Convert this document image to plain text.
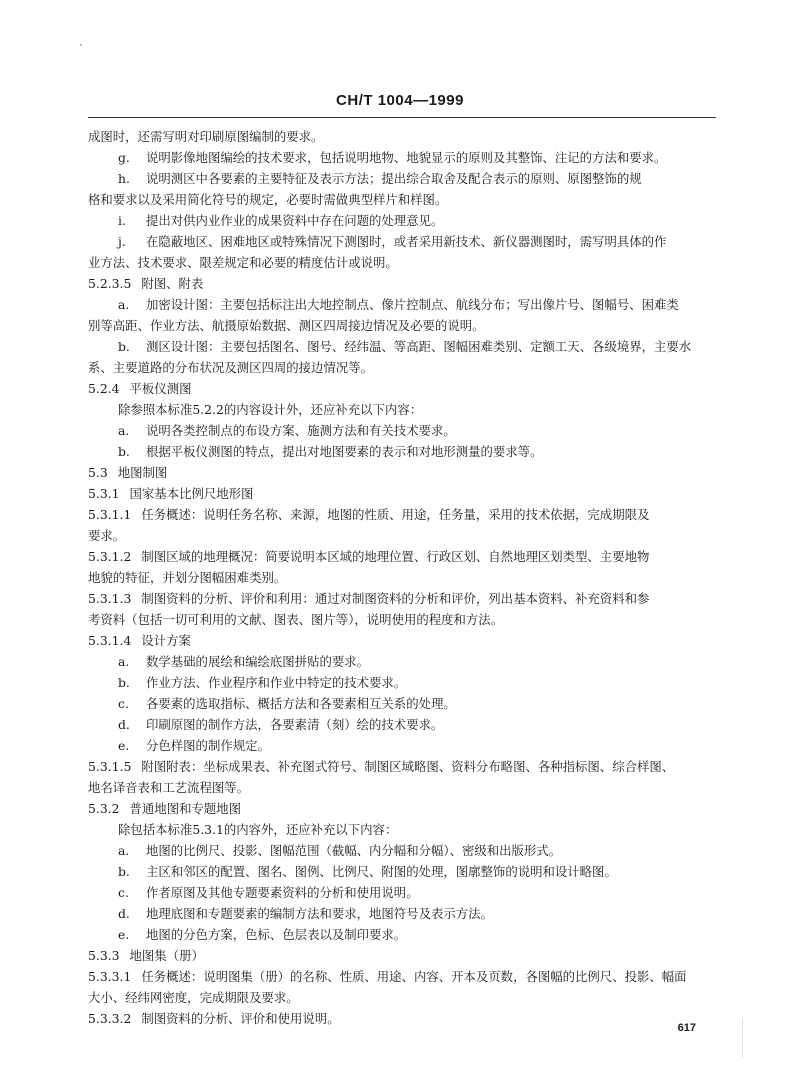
CH/T 1004—1999
成图时，还需写明对印刷原图编制的要求。
g. 说明影像地图编绘的技术要求，包括说明地物、地貌显示的原则及其整饰、注记的方法和要求。
h. 说明测区中各要素的主要特征及表示方法；提出综合取舍及配合表示的原则、原图整饰的规
格和要求以及采用简化符号的规定，必要时需做典型样片和样图。
i. 提出对供内业作业的成果资料中存在问题的处理意见。
j. 在隐蔽地区、困难地区或特殊情况下测图时，或者采用新技术、新仪器测图时，需写明具体的作
业方法、技术要求、限差规定和必要的精度估计或说明。
5.2.3.5 附图、附表
a. 加密设计图：主要包括标注出大地控制点、像片控制点、航线分布；写出像片号、图幅号、困难类
别等高距、作业方法、航摄原始数据、测区四周接边情况及必要的说明。
b. 测区设计图：主要包括图名、图号、经纬温、等高距、图幅困难类别、定额工天、各级境界，主要水
系、主要道路的分布状况及测区四周的接边情况等。
5.2.4 平板仪测图
除参照本标准5.2.2的内容设计外，还应补充以下内容：
a. 说明各类控制点的布设方案、施测方法和有关技术要求。
b. 根据平板仪测图的特点，提出对地图要素的表示和对地形测量的要求等。
5.3 地图制图
5.3.1 国家基本比例尺地形图
5.3.1.1 任务概述：说明任务名称、来源，地图的性质、用途，任务量，采用的技术依据，完成期限及
要求。
5.3.1.2 制图区域的地理概况：简要说明本区域的地理位置、行政区划、自然地理区划类型、主要地物
地貌的特征，并划分图幅困难类别。
5.3.1.3 制图资料的分析、评价和利用：通过对制图资料的分析和评价，列出基本资料、补充资料和参
考资料（包括一切可利用的文献、图表、图片等），说明使用的程度和方法。
5.3.1.4 设计方案
a. 数学基础的展绘和编绘底图拼贴的要求。
b. 作业方法、作业程序和作业中特定的技术要求。
c. 各要素的选取指标、概括方法和各要素相互关系的处理。
d. 印刷原图的制作方法，各要素清（刻）绘的技术要求。
e. 分色样图的制作规定。
5.3.1.5 附图附表：坐标成果表、补充图式符号、制图区域略图、资料分布略图、各种指标图、综合样图、
地名译音表和工艺流程图等。
5.3.2 普通地图和专题地图
除包括本标准5.3.1的内容外，还应补充以下内容：
a. 地图的比例尺、投影、图幅范围（截幅、内分幅和分幅）、密级和出版形式。
b. 主区和邻区的配置、图名、图例、比例尺、附图的处理，图廓整饰的说明和设计略图。
c. 作者原图及其他专题要素资料的分析和使用说明。
d. 地理底图和专题要素的编制方法和要求，地图符号及表示方法。
e. 地图的分色方案，色标、色层表以及制印要求。
5.3.3 地图集（册）
5.3.3.1 任务概述：说明图集（册）的名称、性质、用途、内容、开本及页数，各图幅的比例尺、投影、幅面
大小、经纬网密度，完成期限及要求。
5.3.3.2 制图资料的分析、评价和使用说明。
617
